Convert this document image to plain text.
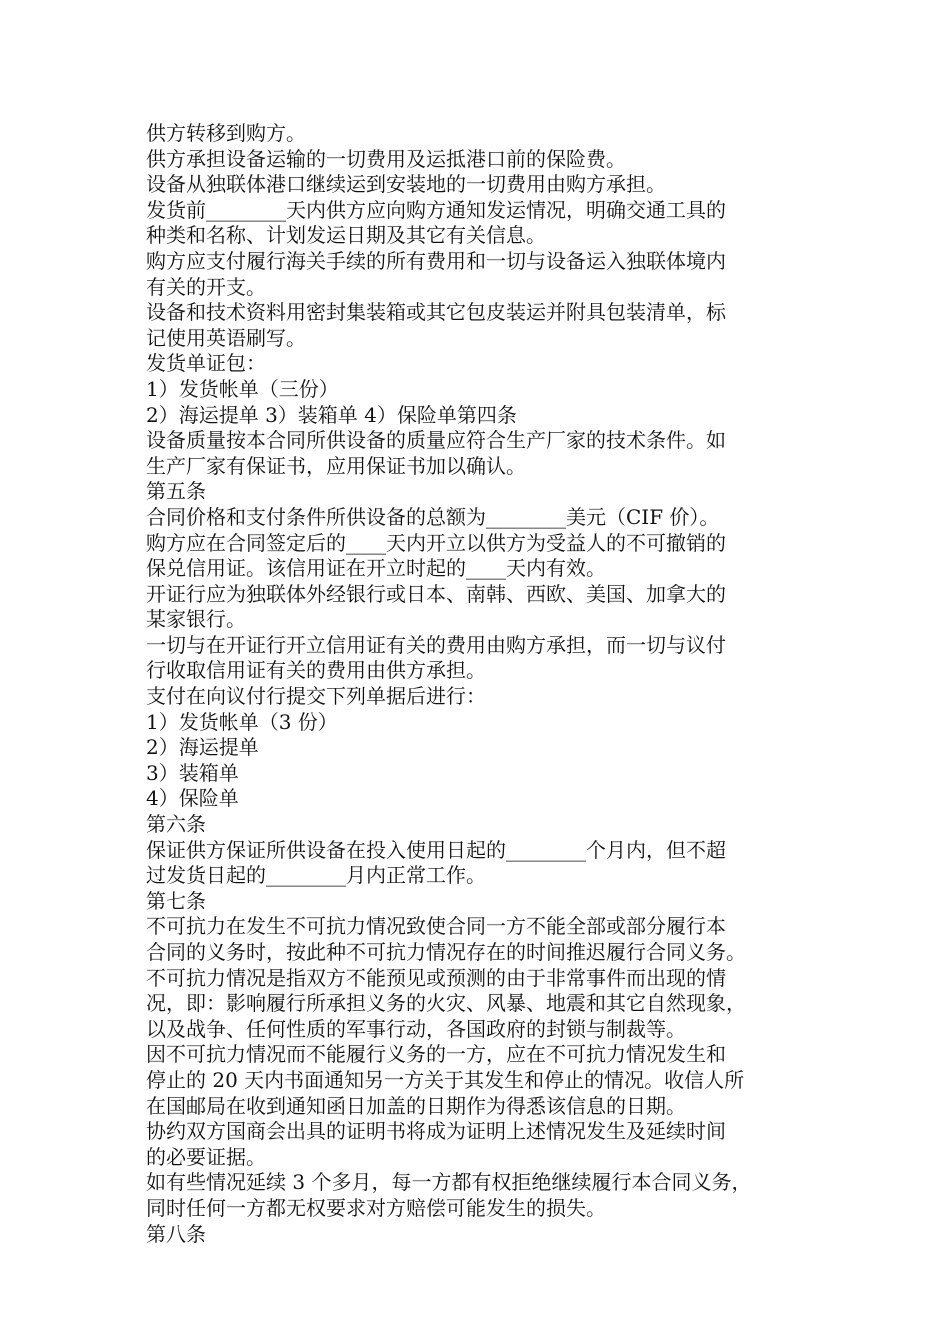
供方转移到购方。
供方承担设备运输的一切费用及运抵港口前的保险费。
设备从独联体港口继续运到安装地的一切费用由购方承担。
发货前________天内供方应向购方通知发运情况，明确交通工具的
种类和名称、计划发运日期及其它有关信息。
购方应支付履行海关手续的所有费用和一切与设备运入独联体境内
有关的开支。
设备和技术资料用密封集装箱或其它包皮装运并附具包装清单，标
记使用英语刷写。
发货单证包：
1）发货帐单（三份）
2）海运提单 3）装箱单 4）保险单第四条
设备质量按本合同所供设备的质量应符合生产厂家的技术条件。如
生产厂家有保证书，应用保证书加以确认。
第五条
合同价格和支付条件所供设备的总额为________美元（CIF 价）。
购方应在合同签定后的____天内开立以供方为受益人的不可撤销的
保兑信用证。该信用证在开立时起的____天内有效。
开证行应为独联体外经银行或日本、南韩、西欧、美国、加拿大的
某家银行。
一切与在开证行开立信用证有关的费用由购方承担，而一切与议付
行收取信用证有关的费用由供方承担。
支付在向议付行提交下列单据后进行：
1）发货帐单（3 份）
2）海运提单
3）装箱单
4）保险单
第六条
保证供方保证所供设备在投入使用日起的________个月内，但不超
过发货日起的________月内正常工作。
第七条
不可抗力在发生不可抗力情况致使合同一方不能全部或部分履行本
合同的义务时，按此种不可抗力情况存在的时间推迟履行合同义务。
不可抗力情况是指双方不能预见或预测的由于非常事件而出现的情
况，即：影响履行所承担义务的火灾、风暴、地震和其它自然现象，
以及战争、任何性质的军事行动，各国政府的封锁与制裁等。
因不可抗力情况而不能履行义务的一方，应在不可抗力情况发生和
停止的 20 天内书面通知另一方关于其发生和停止的情况。收信人所
在国邮局在收到通知函日加盖的日期作为得悉该信息的日期。
协约双方国商会出具的证明书将成为证明上述情况发生及延续时间
的必要证据。
如有些情况延续 3 个多月，每一方都有权拒绝继续履行本合同义务，
同时任何一方都无权要求对方赔偿可能发生的损失。
第八条
